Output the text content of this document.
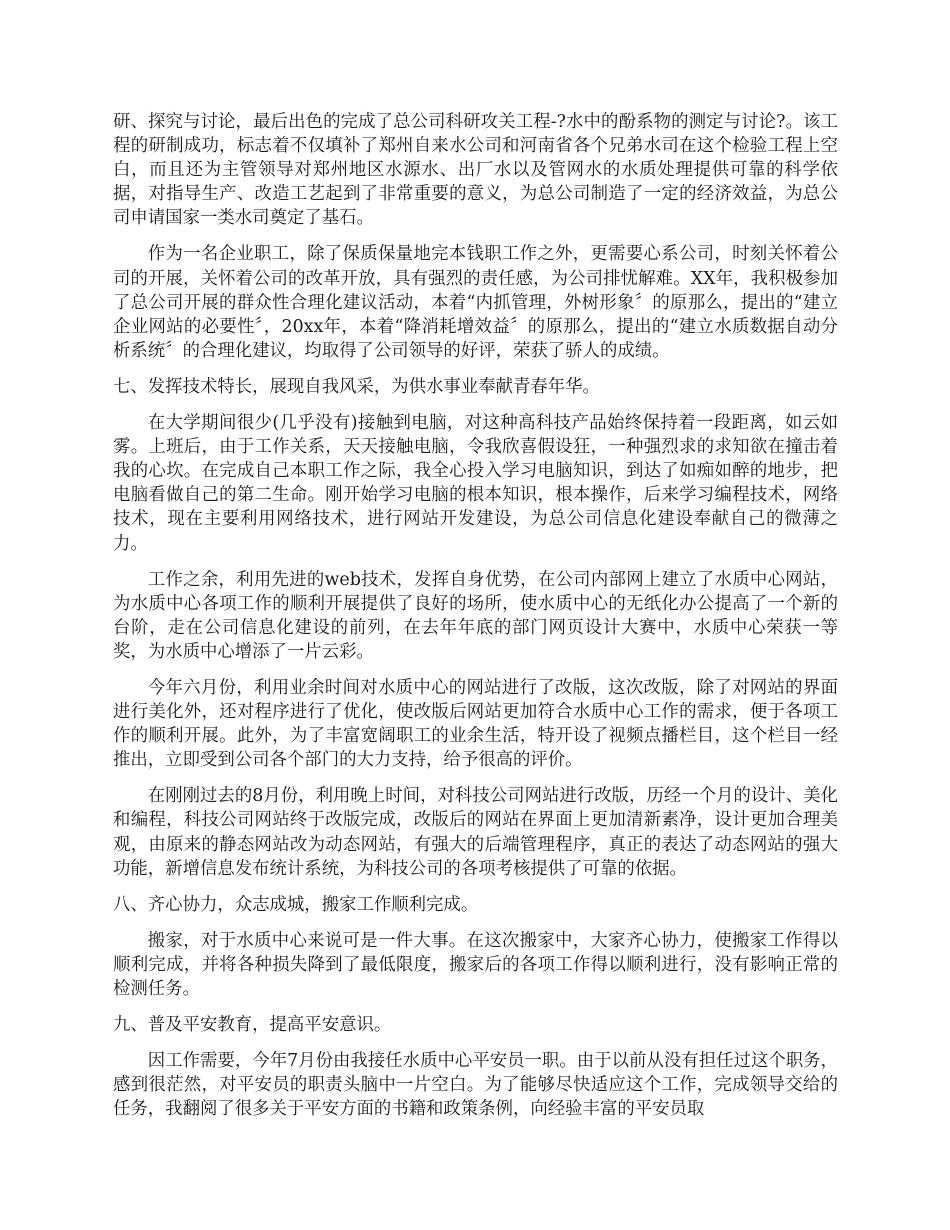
研、探究与讨论，最后出色的完成了总公司科研攻关工程-?水中的酚系物的测定与讨论?。该工程的研制成功，标志着不仅填补了郑州自来水公司和河南省各个兄弟水司在这个检验工程上空白，而且还为主管领导对郑州地区水源水、出厂水以及管网水的水质处理提供可靠的科学依据，对指导生产、改造工艺起到了非常重要的意义，为总公司制造了一定的经济效益，为总公司申请国家一类水司奠定了基石。

作为一名企业职工，除了保质保量地完本钱职工作之外，更需要心系公司，时刻关怀着公司的开展，关怀着公司的改革开放，具有强烈的责任感，为公司排忧解难。XX年，我积极参加了总公司开展的群众性合理化建议活动，本着“内抓管理，外树形象〞的原那么，提出的“建立企业网站的必要性〞，20xx年，本着“降消耗增效益〞的原那么，提出的“建立水质数据自动分析系统〞的合理化建议，均取得了公司领导的好评，荣获了骄人的成绩。

七、发挥技术特长，展现自我风采，为供水事业奉献青春年华。

在大学期间很少(几乎没有)接触到电脑，对这种高科技产品始终保持着一段距离，如云如雾。上班后，由于工作关系，天天接触电脑，令我欣喜假设狂，一种强烈求的求知欲在撞击着我的心坎。在完成自己本职工作之际，我全心投入学习电脑知识，到达了如痴如醉的地步，把电脑看做自己的第二生命。刚开始学习电脑的根本知识，根本操作，后来学习编程技术，网络技术，现在主要利用网络技术，进行网站开发建设，为总公司信息化建设奉献自己的微薄之力。

工作之余，利用先进的web技术，发挥自身优势，在公司内部网上建立了水质中心网站，为水质中心各项工作的顺利开展提供了良好的场所，使水质中心的无纸化办公提高了一个新的台阶，走在公司信息化建设的前列，在去年年底的部门网页设计大赛中，水质中心荣获一等奖，为水质中心增添了一片云彩。

今年六月份，利用业余时间对水质中心的网站进行了改版，这次改版，除了对网站的界面进行美化外，还对程序进行了优化，使改版后网站更加符合水质中心工作的需求，便于各项工作的顺利开展。此外，为了丰富宽阔职工的业余生活，特开设了视频点播栏目，这个栏目一经推出，立即受到公司各个部门的大力支持，给予很高的评价。

在刚刚过去的8月份，利用晚上时间，对科技公司网站进行改版，历经一个月的设计、美化和编程，科技公司网站终于改版完成，改版后的网站在界面上更加清新素净，设计更加合理美观，由原来的静态网站改为动态网站，有强大的后端管理程序，真正的表达了动态网站的强大功能，新增信息发布统计系统，为科技公司的各项考核提供了可靠的依据。

八、齐心协力，众志成城，搬家工作顺利完成。

搬家，对于水质中心来说可是一件大事。在这次搬家中，大家齐心协力，使搬家工作得以顺利完成，并将各种损失降到了最低限度，搬家后的各项工作得以顺利进行，没有影响正常的检测任务。

九、普及平安教育，提高平安意识。

因工作需要，今年7月份由我接任水质中心平安员一职。由于以前从没有担任过这个职务，感到很茫然，对平安员的职责头脑中一片空白。为了能够尽快适应这个工作，完成领导交给的任务，我翻阅了很多关于平安方面的书籍和政策条例，向经验丰富的平安员取
